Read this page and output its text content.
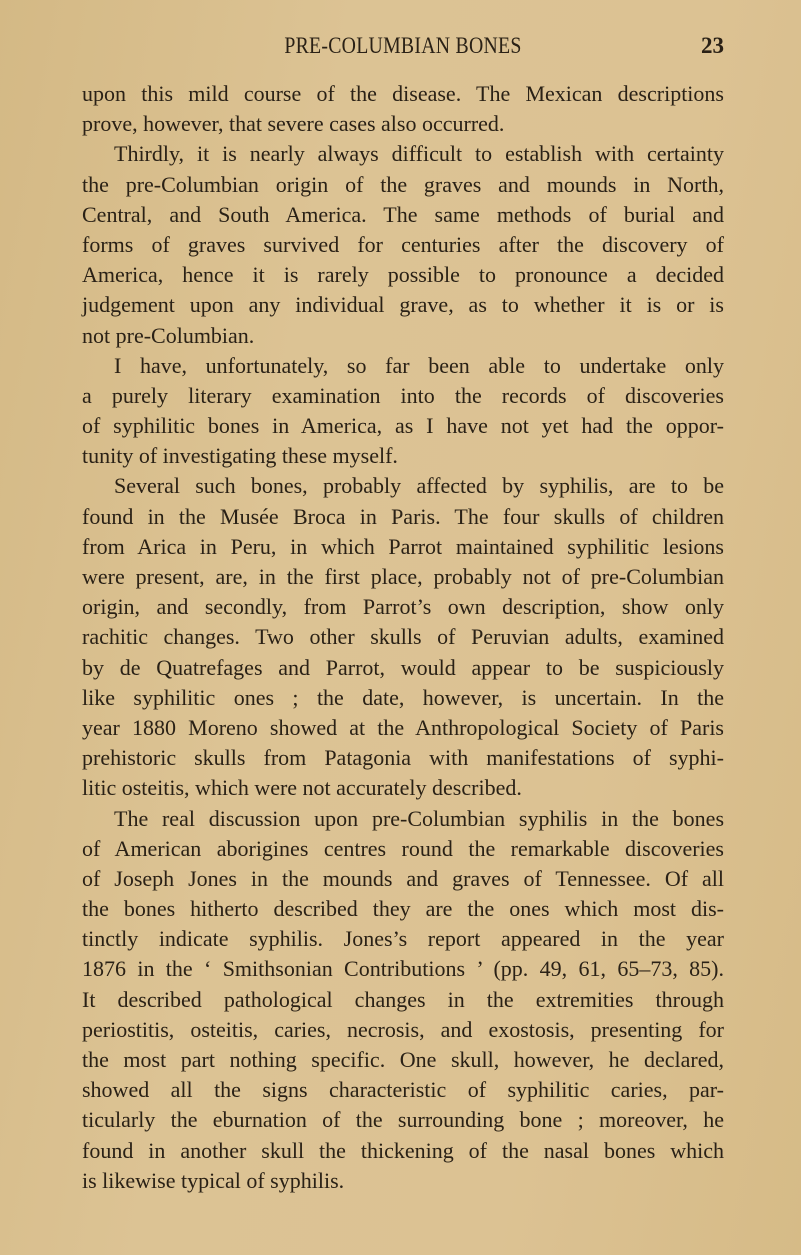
PRE-COLUMBIAN BONES	23
upon this mild course of the disease. The Mexican descriptions
prove, however, that severe cases also occurred.
Thirdly, it is nearly always difficult to establish with certainty
the pre-Columbian origin of the graves and mounds in North,
Central, and South America. The same methods of burial and
forms of graves survived for centuries after the discovery of
America, hence it is rarely possible to pronounce a decided
judgement upon any individual grave, as to whether it is or is
not pre-Columbian.
I have, unfortunately, so far been able to undertake only
a purely literary examination into the records of discoveries
of syphilitic bones in America, as I have not yet had the oppor-
tunity of investigating these myself.
Several such bones, probably affected by syphilis, are to be
found in the Musée Broca in Paris. The four skulls of children
from Arica in Peru, in which Parrot maintained syphilitic lesions
were present, are, in the first place, probably not of pre-Columbian
origin, and secondly, from Parrot’s own description, show only
rachitic changes. Two other skulls of Peruvian adults, examined
by de Quatrefages and Parrot, would appear to be suspiciously
like syphilitic ones ; the date, however, is uncertain. In the
year 1880 Moreno showed at the Anthropological Society of Paris
prehistoric skulls from Patagonia with manifestations of syphi-
litic osteitis, which were not accurately described.
The real discussion upon pre-Columbian syphilis in the bones
of American aborigines centres round the remarkable discoveries
of Joseph Jones in the mounds and graves of Tennessee. Of all
the bones hitherto described they are the ones which most dis-
tinctly indicate syphilis. Jones’s report appeared in the year
1876 in the ‘ Smithsonian Contributions ’ (pp. 49, 61, 65–73, 85).
It described pathological changes in the extremities through
periostitis, osteitis, caries, necrosis, and exostosis, presenting for
the most part nothing specific. One skull, however, he declared,
showed all the signs characteristic of syphilitic caries, par-
ticularly the eburnation of the surrounding bone ; moreover, he
found in another skull the thickening of the nasal bones which
is likewise typical of syphilis.
